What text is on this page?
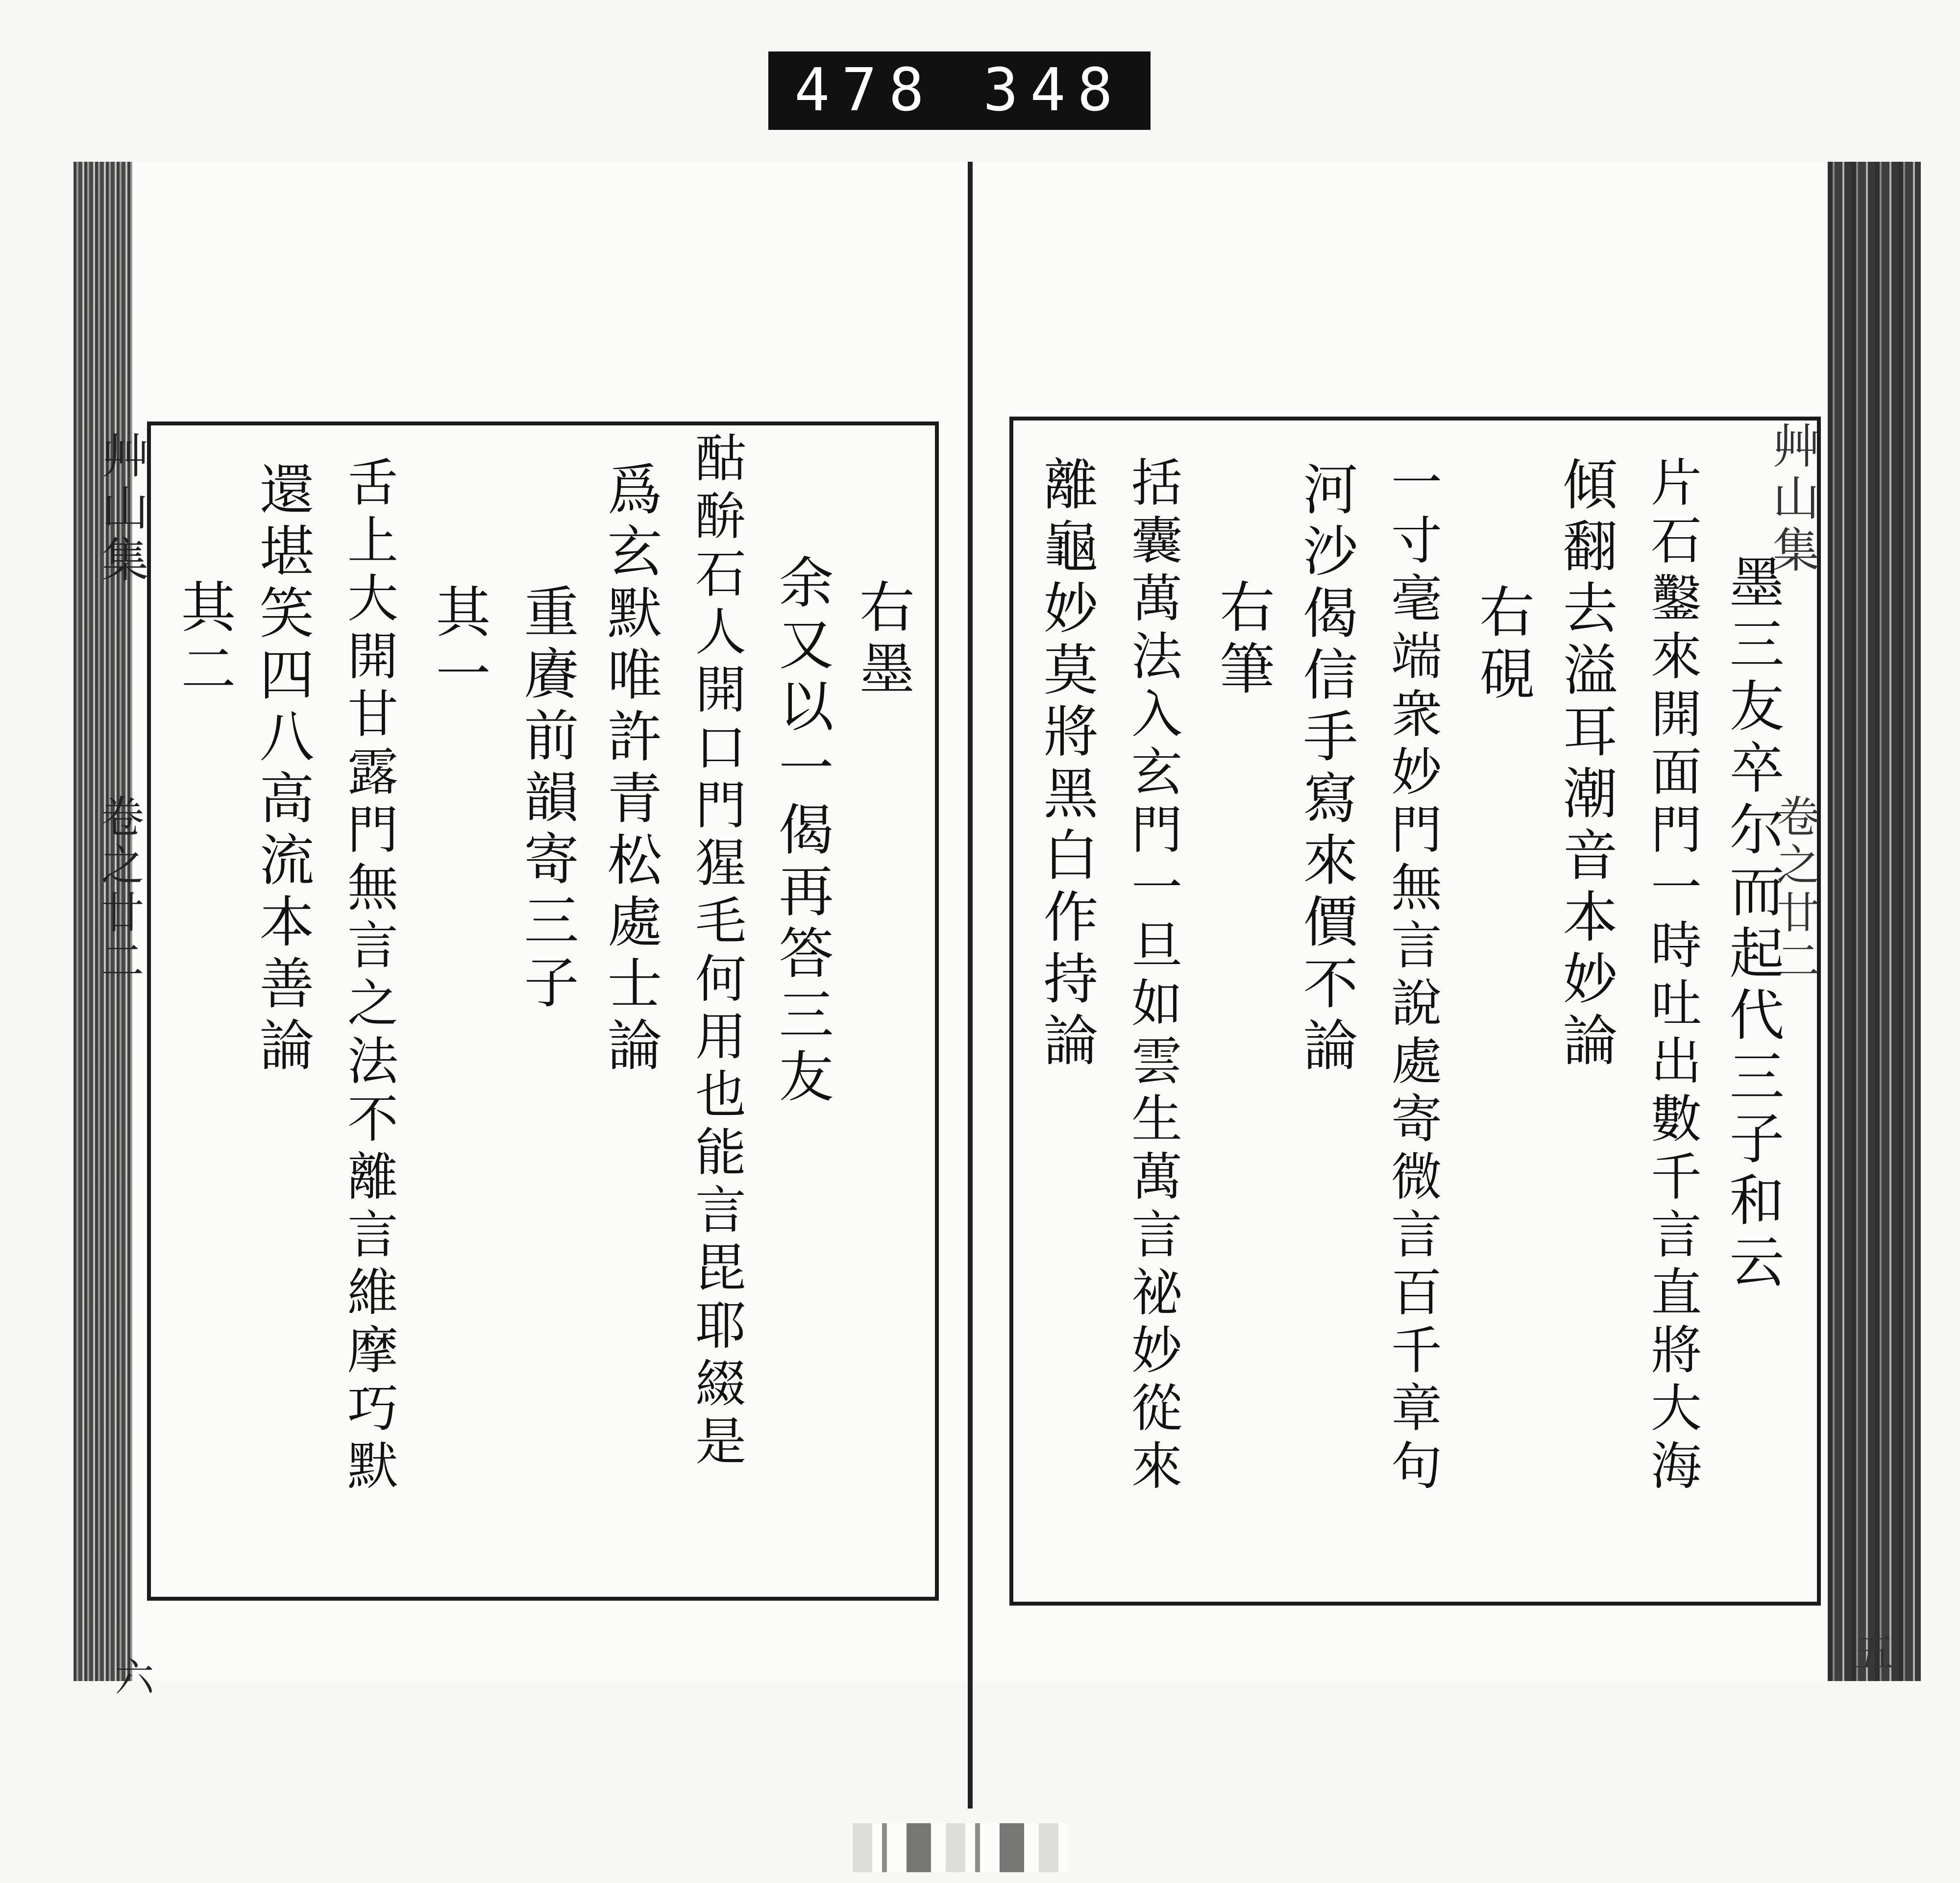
478 348
艸山集
卷之廿二
六
右墨
余又以一偈再答三友
酤䣲石人開口門猩毛何用也能言毘耶綴是
爲玄默唯許青松處士論
重賡前韻寄三子
其一
舌上大開甘露門無言之法不離言維摩巧默
還堪笑四八高流本善論
其二
艸山集
卷之廿二
五
墨三友卒尔而起代三子和云
片石鑿來開面門一時吐出數千言直將大海
傾翻去溢耳潮音本妙論
右硯
一寸毫端衆妙門無言說處寄微言百千章句
河沙偈信手寫來價不論
右筆
括囊萬法入玄門一旦如雲生萬言祕妙從來
離龜妙莫將黑白作持論
